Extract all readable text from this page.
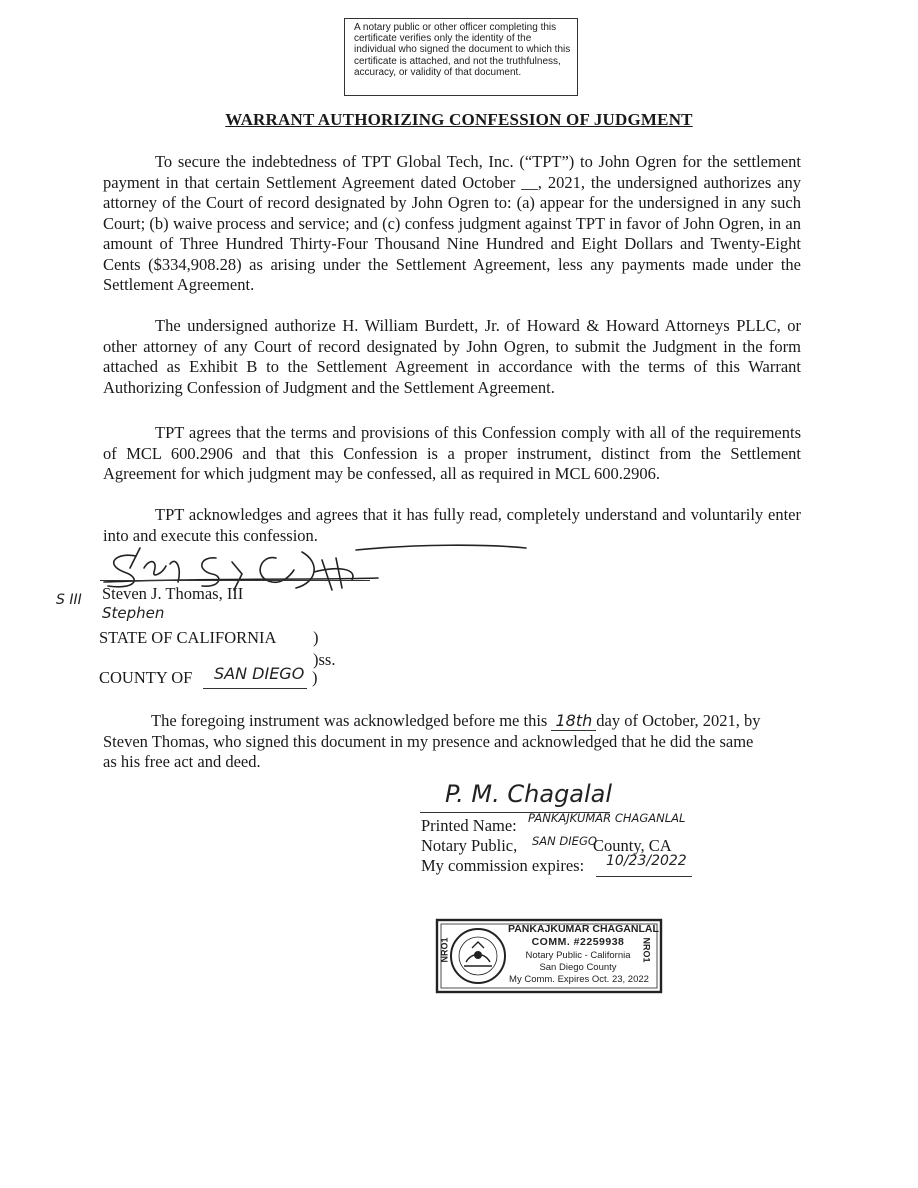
A notary public or other officer completing this certificate verifies only the identity of the individual who signed the document to which this certificate is attached, and not the truthfulness, accuracy, or validity of that document.
WARRANT AUTHORIZING CONFESSION OF JUDGMENT
To secure the indebtedness of TPT Global Tech, Inc. (“TPT”) to John Ogren for the settlement payment in that certain Settlement Agreement dated October __, 2021, the undersigned authorizes any attorney of the Court of record designated by John Ogren to: (a) appear for the undersigned in any such Court; (b) waive process and service; and (c) confess judgment against TPT in favor of John Ogren, in an amount of Three Hundred Thirty-Four Thousand Nine Hundred and Eight Dollars and Twenty-Eight Cents ($334,908.28) as arising under the Settlement Agreement, less any payments made under the Settlement Agreement.
The undersigned authorize H. William Burdett, Jr. of Howard & Howard Attorneys PLLC, or other attorney of any Court of record designated by John Ogren, to submit the Judgment in the form attached as Exhibit B to the Settlement Agreement in accordance with the terms of this Warrant Authorizing Confession of Judgment and the Settlement Agreement.
TPT agrees that the terms and provisions of this Confession comply with all of the requirements of MCL 600.2906 and that this Confession is a proper instrument, distinct from the Settlement Agreement for which judgment may be confessed, all as required in MCL 600.2906.
TPT acknowledges and agrees that it has fully read, completely understand and voluntarily enter into and execute this confession.
Steven J. Thomas, III
S III
Stephen
STATE OF CALIFORNIA )
)ss.
COUNTY OF SAN DIEGO )
The foregoing instrument was acknowledged before me this 18th day of October, 2021, by
Steven Thomas, who signed this document in my presence and acknowledged that he did the same
as his free act and deed.
P. M. Chagalal
Printed Name: PANKAJKUMAR CHAGANLAL
Notary Public, SAN DIEGO
County, CA
My commission expires: 10/23/2022
NRO1	NRO1
PANKAJKUMAR CHAGANLAL
COMM. #2259938
Notary Public - California
San Diego County
My Comm. Expires Oct. 23, 2022
